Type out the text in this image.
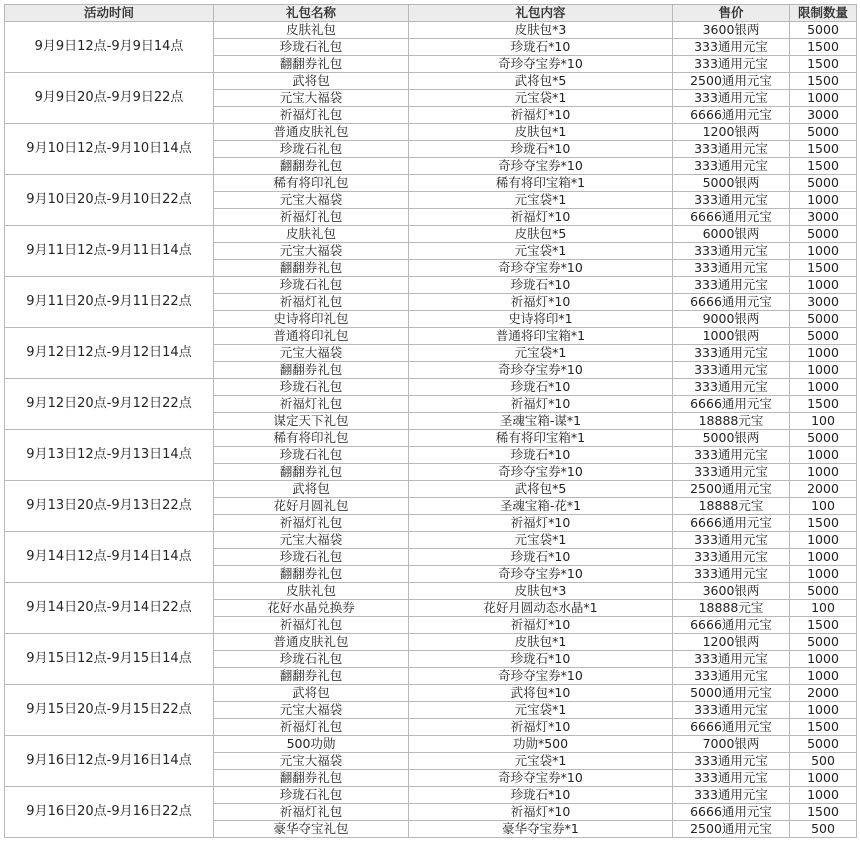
活动时间	礼包名称	礼包内容	售价	限制数量
9月9日12点-9月9日14点	皮肤礼包	皮肤包*3	3600银两	5000
	珍珑石礼包	珍珑石*10	333通用元宝	1500
	翻翻券礼包	奇珍夺宝券*10	333通用元宝	1500
9月9日20点-9月9日22点	武将包	武将包*5	2500通用元宝	1500
	元宝大福袋	元宝袋*1	333通用元宝	1000
	祈福灯礼包	祈福灯*10	6666通用元宝	3000
9月10日12点-9月10日14点	普通皮肤礼包	皮肤包*1	1200银两	5000
	珍珑石礼包	珍珑石*10	333通用元宝	1500
	翻翻券礼包	奇珍夺宝券*10	333通用元宝	1500
9月10日20点-9月10日22点	稀有将印礼包	稀有将印宝箱*1	5000银两	5000
	元宝大福袋	元宝袋*1	333通用元宝	1000
	祈福灯礼包	祈福灯*10	6666通用元宝	3000
9月11日12点-9月11日14点	皮肤礼包	皮肤包*5	6000银两	5000
	元宝大福袋	元宝袋*1	333通用元宝	1000
	翻翻券礼包	奇珍夺宝券*10	333通用元宝	1500
9月11日20点-9月11日22点	珍珑石礼包	珍珑石*10	333通用元宝	1000
	祈福灯礼包	祈福灯*10	6666通用元宝	3000
	史诗将印礼包	史诗将印*1	9000银两	5000
9月12日12点-9月12日14点	普通将印礼包	普通将印宝箱*1	1000银两	5000
	元宝大福袋	元宝袋*1	333通用元宝	1000
	翻翻券礼包	奇珍夺宝券*10	333通用元宝	1000
9月12日20点-9月12日22点	珍珑石礼包	珍珑石*10	333通用元宝	1000
	祈福灯礼包	祈福灯*10	6666通用元宝	1500
	谋定天下礼包	圣魂宝箱-谋*1	18888元宝	100
9月13日12点-9月13日14点	稀有将印礼包	稀有将印宝箱*1	5000银两	5000
	珍珑石礼包	珍珑石*10	333通用元宝	1000
	翻翻券礼包	奇珍夺宝券*10	333通用元宝	1000
9月13日20点-9月13日22点	武将包	武将包*5	2500通用元宝	2000
	花好月圆礼包	圣魂宝箱-花*1	18888元宝	100
	祈福灯礼包	祈福灯*10	6666通用元宝	1500
9月14日12点-9月14日14点	元宝大福袋	元宝袋*1	333通用元宝	1000
	珍珑石礼包	珍珑石*10	333通用元宝	1000
	翻翻券礼包	奇珍夺宝券*10	333通用元宝	1000
9月14日20点-9月14日22点	皮肤礼包	皮肤包*3	3600银两	5000
	花好水晶兑换券	花好月圆动态水晶*1	18888元宝	100
	祈福灯礼包	祈福灯*10	6666通用元宝	1500
9月15日12点-9月15日14点	普通皮肤礼包	皮肤包*1	1200银两	5000
	珍珑石礼包	珍珑石*10	333通用元宝	1000
	翻翻券礼包	奇珍夺宝券*10	333通用元宝	1000
9月15日20点-9月15日22点	武将包	武将包*10	5000通用元宝	2000
	元宝大福袋	元宝袋*1	333通用元宝	1000
	祈福灯礼包	祈福灯*10	6666通用元宝	1500
9月16日12点-9月16日14点	500功勋	功勋*500	7000银两	5000
	元宝大福袋	元宝袋*1	333通用元宝	500
	翻翻券礼包	奇珍夺宝券*10	333通用元宝	1000
9月16日20点-9月16日22点	珍珑石礼包	珍珑石*10	333通用元宝	1000
	祈福灯礼包	祈福灯*10	6666通用元宝	1500
	豪华夺宝礼包	豪华夺宝券*1	2500通用元宝	500
